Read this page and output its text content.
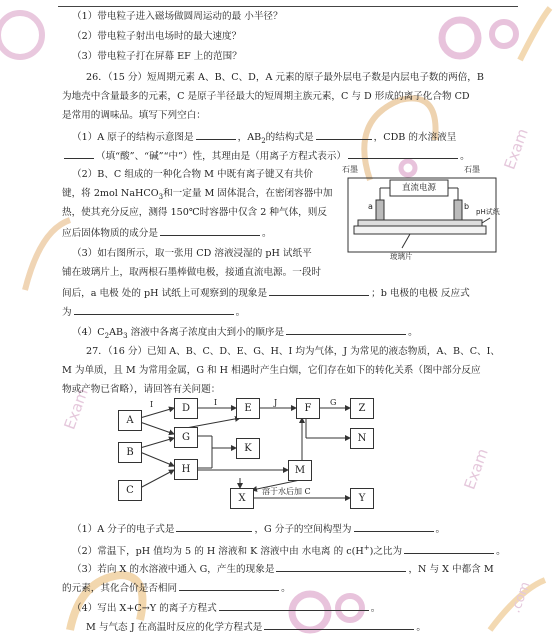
Exam
Exam
Exam
.com
（1）带电粒子进入磁场做圆周运动的最 小半径？
（2）带电粒子射出电场时的最大速度？
（3）带电粒子打在屏幕 EF 上的范围？
26．（15 分）短周期元素 A、B、C、D，A 元素的原子最外层电子数是内层电子数的两倍，B
为地壳中含量最多的元素，C 是原子半径最大的短周期主族元素，C 与 D 形成的离子化合物 CD
是常用的调味品。填写下列空白：
（1）A 原子的结构示意图是	，$AB_2$的结构式是	，CDB 的水溶液呈
（填“酸”、“碱”“中”）性，其理由是（用离子方程式表示）	。
（2）B、C 组成的一种化合物 M 中既有离子键又有共价
键，将 2mol NaHCO$_3$和一定量 M 固体混合，在密闭容器中加
热，使其充分反应，测得 150℃时容器中仅含 2 种气体，则反
应后固体物质的成分是	。
（3）如右图所示，取一张用 CD 溶液浸湿的 pH 试纸平
铺在玻璃片上，取两根石墨棒做电极，接通直流电源。一段时
间后，a 电极 处的 pH 试纸上可观察到的现象是	；b 电极的电极 反应式
为	。
$(4)C_2AB_3$ 溶液中各离子浓度由大到小的顺序是	。
直流电源
石墨	石墨
a	b
pH试纸
玻璃片
27．（16 分）已知 A、B、C、D、E、G、H、I 均为气体，J 为常见的液态物质，A、B、C、I、
M 为单质，且 M 为常用金属，G 和 H 相遇时产生白烟，它们存在如下的转化关系（图中部分反应
物或产物已省略），请回答有关问题：
A
B
C
D	E	F	Z
G
K
N
H	M
X	Y
I	I	J	G
溶于水后加 C
（1）A 分子的电子式是	，G 分子的空间构型为	。
（2）常温下，pH 值均为 5 的 H 溶液和 K 溶液中由 水电离 的 c(H+)之比为	。
（3）若向 X 的水溶液中通入 G，产生的现象是	，N 与 X 中都含 M
的元素，其化合价是否相同	。
（4）写出 X+C→Y 的离子方程式	。
M 与气态 J 在高温时反应的化学方程式是	。
